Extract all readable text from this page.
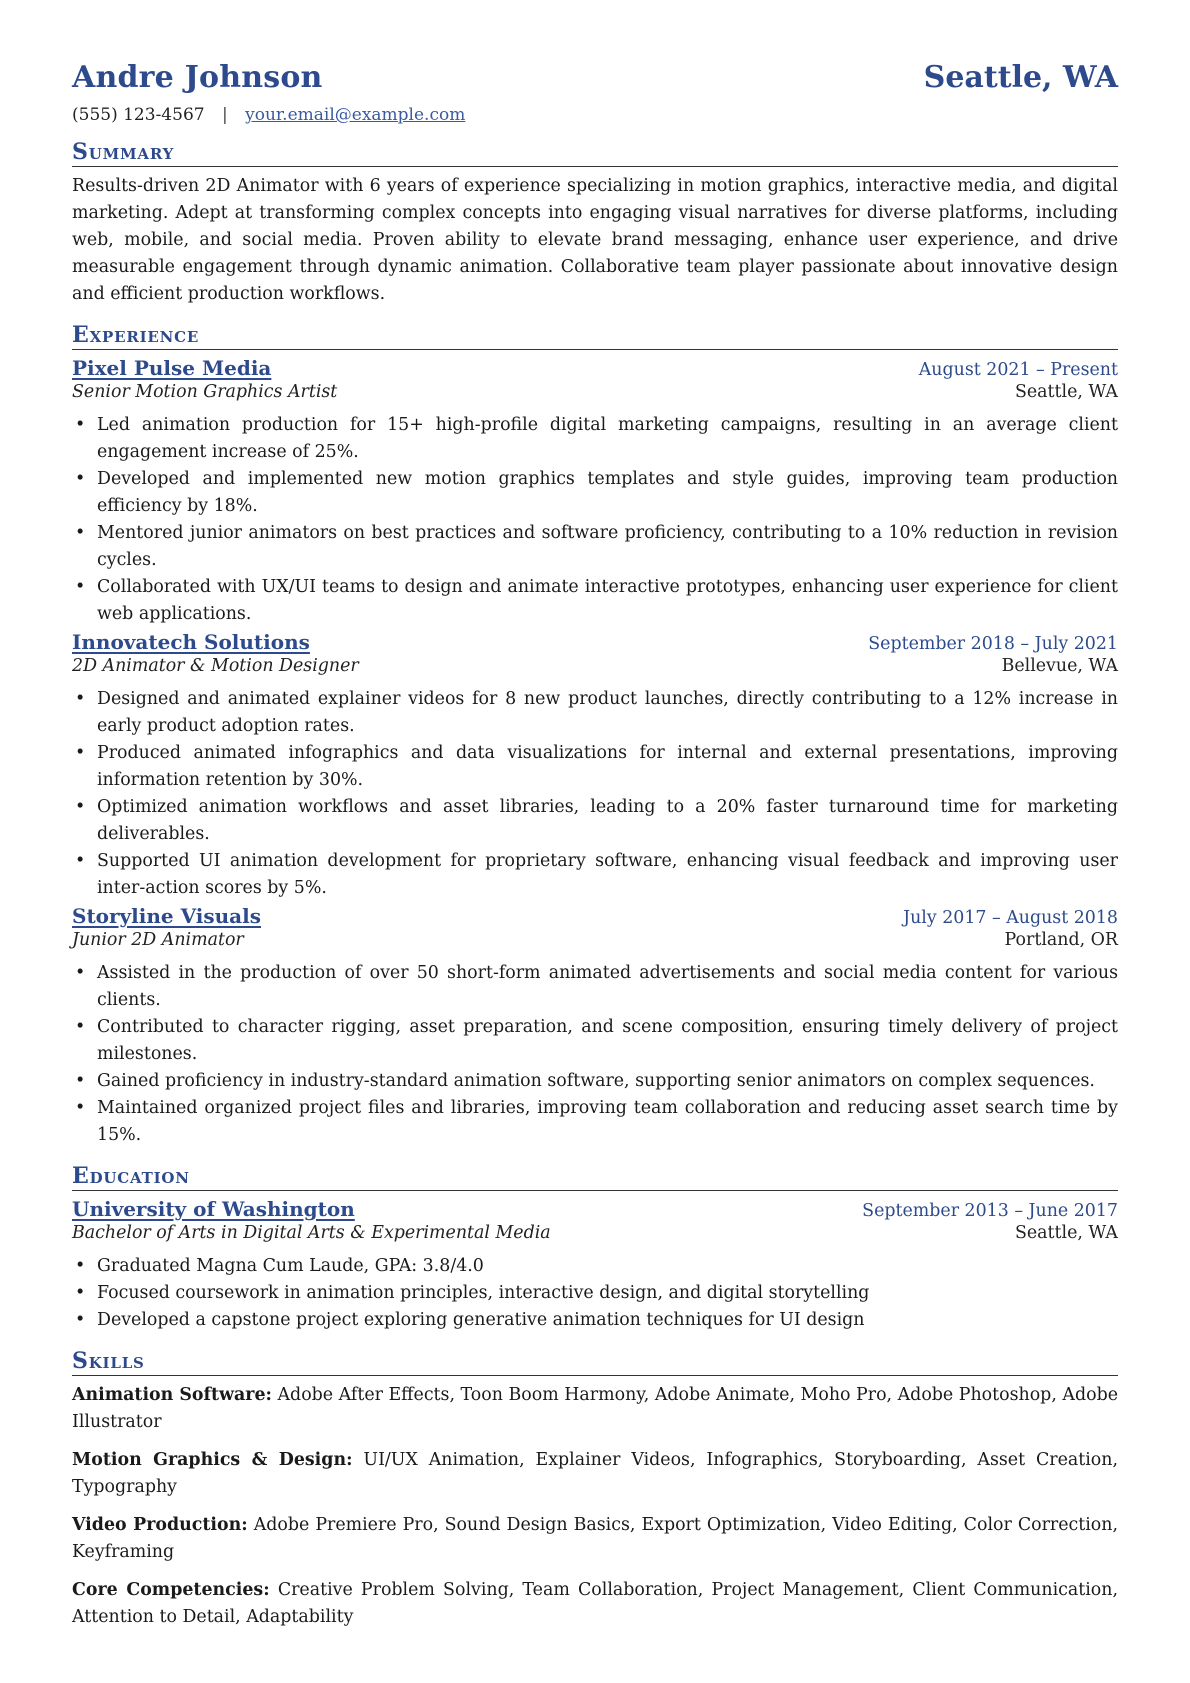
Andre Johnson	Seattle, WA
(555) 123-4567 | your.email@example.com
Summary

Results-driven 2D Animator with 6 years of experience specializing in motion graphics, interactive media, and digital marketing. Adept at transforming complex concepts into engaging visual narratives for diverse platforms, including web, mobile, and social media. Proven ability to elevate brand messaging, enhance user experience, and drive measurable engagement through dynamic animation. Collaborative team player passionate about innovative design and efficient production workflows.

Experience
Pixel Pulse Media	August 2021 – Present
Senior Motion Graphics Artist	Seattle, WA
• Led animation production for 15+ high-profile digital marketing campaigns, resulting in an average client engagement increase of 25%.
• Developed and implemented new motion graphics templates and style guides, improving team production efficiency by 18%.
• Mentored junior animators on best practices and software proficiency, contributing to a 10% reduction in revision cycles.
• Collaborated with UX/UI teams to design and animate interactive prototypes, enhancing user experience for client web applications.
Innovatech Solutions	September 2018 – July 2021
2D Animator & Motion Designer	Bellevue, WA
• Designed and animated explainer videos for 8 new product launches, directly contributing to a 12% increase in early product adoption rates.
• Produced animated infographics and data visualizations for internal and external presentations, improving information retention by 30%.
• Optimized animation workflows and asset libraries, leading to a 20% faster turnaround time for marketing deliverables.
• Supported UI animation development for proprietary software, enhancing visual feedback and improving user inter-action scores by 5%.
Storyline Visuals	July 2017 – August 2018
Junior 2D Animator	Portland, OR
• Assisted in the production of over 50 short-form animated advertisements and social media content for various clients.
• Contributed to character rigging, asset preparation, and scene composition, ensuring timely delivery of project milestones.
• Gained proficiency in industry-standard animation software, supporting senior animators on complex sequences.
• Maintained organized project files and libraries, improving team collaboration and reducing asset search time by 15%.
Education
University of Washington	September 2013 – June 2017
Bachelor of Arts in Digital Arts & Experimental Media	Seattle, WA
• Graduated Magna Cum Laude, GPA: 3.8/4.0
• Focused coursework in animation principles, interactive design, and digital storytelling
• Developed a capstone project exploring generative animation techniques for UI design
Skills

Animation Software: Adobe After Effects, Toon Boom Harmony, Adobe Animate, Moho Pro, Adobe Photoshop, Adobe Illustrator

Motion Graphics & Design: UI/UX Animation, Explainer Videos, Infographics, Storyboarding, Asset Creation, Typography

Video Production: Adobe Premiere Pro, Sound Design Basics, Export Optimization, Video Editing, Color Correction, Keyframing

Core Competencies: Creative Problem Solving, Team Collaboration, Project Management, Client Communication, Attention to Detail, Adaptability
